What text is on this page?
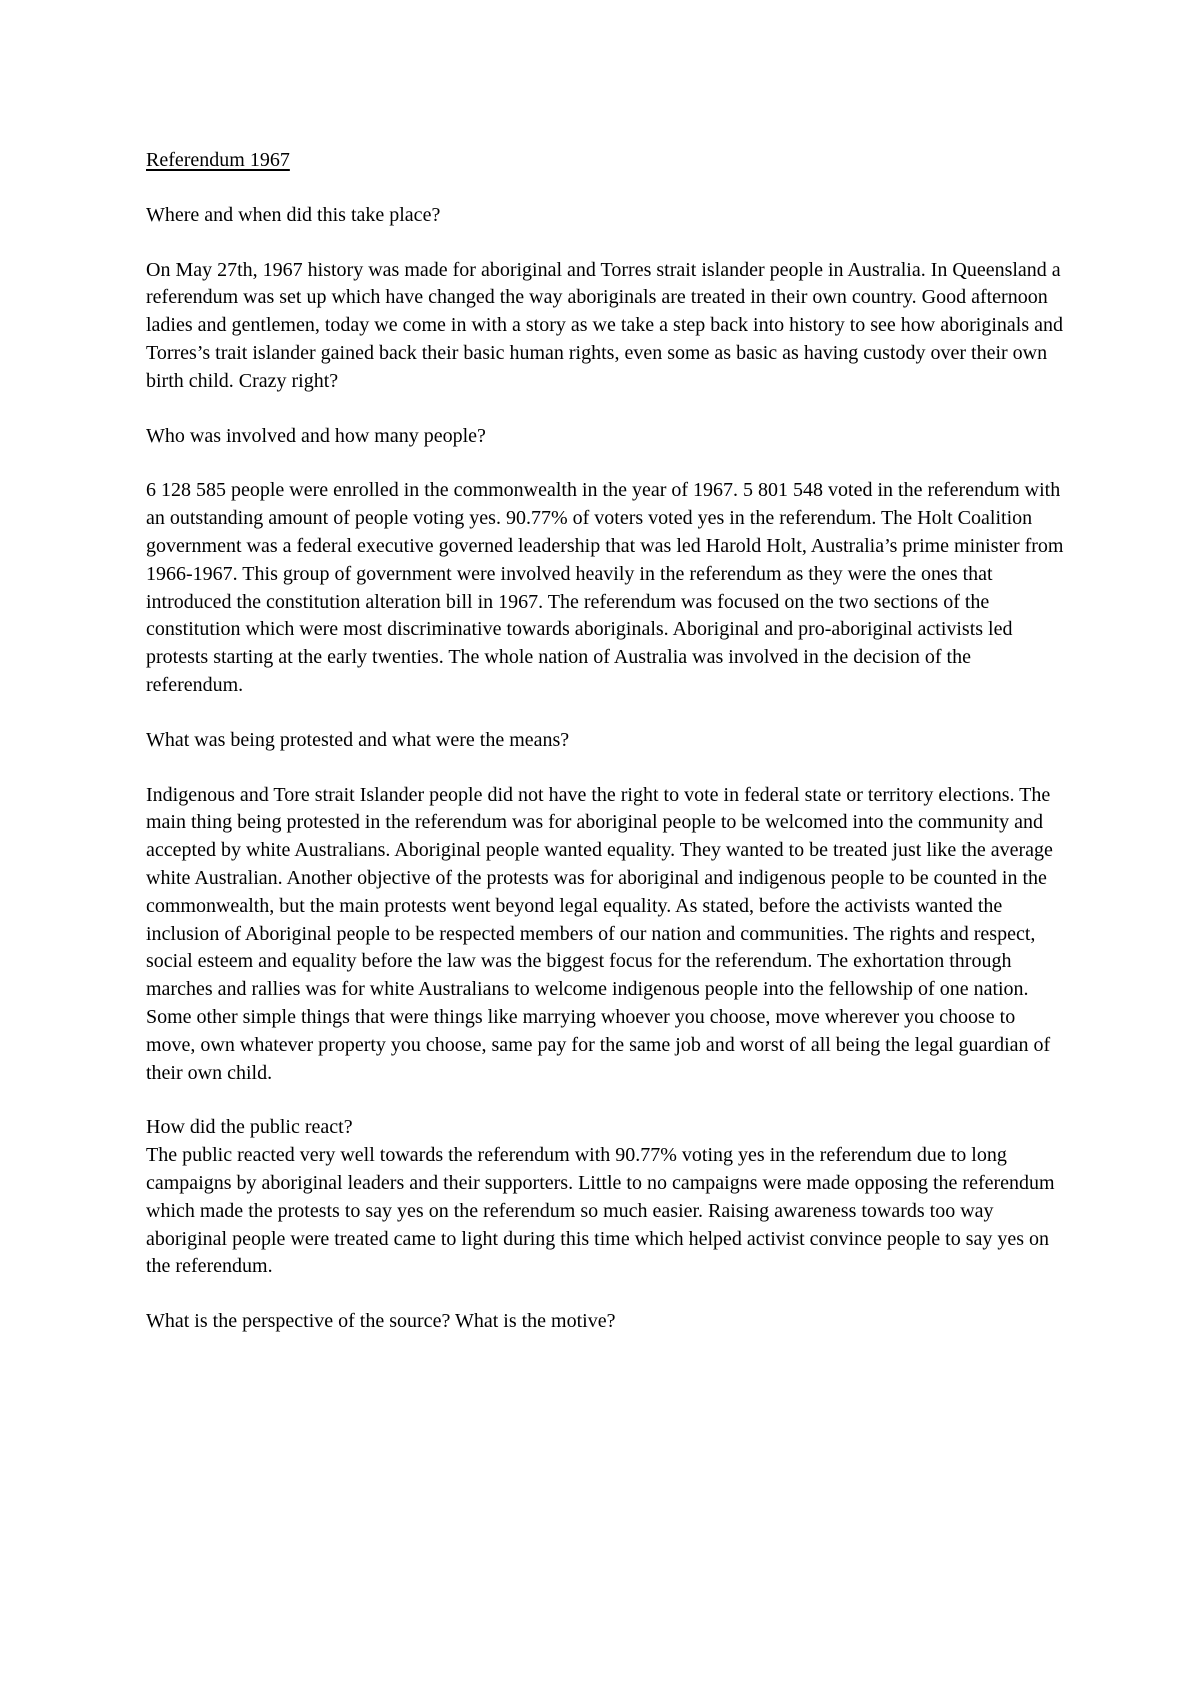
Referendum 1967

Where and when did this take place?

On May 27th, 1967 history was made for aboriginal and Torres strait islander people in Australia. In Queensland a referendum was set up which have changed the way aboriginals are treated in their own country. Good afternoon ladies and gentlemen, today we come in with a story as we take a step back into history to see how aboriginals and Torres’s trait islander gained back their basic human rights, even some as basic as having custody over their own birth child. Crazy right?

Who was involved and how many people?

6 128 585 people were enrolled in the commonwealth in the year of 1967. 5 801 548 voted in the referendum with an outstanding amount of people voting yes. 90.77% of voters voted yes in the referendum. The Holt Coalition government was a federal executive governed leadership that was led Harold Holt, Australia’s prime minister from 1966-1967. This group of government were involved heavily in the referendum as they were the ones that introduced the constitution alteration bill in 1967. The referendum was focused on the two sections of the constitution which were most discriminative towards aboriginals. Aboriginal and pro-aboriginal activists led protests starting at the early twenties. The whole nation of Australia was involved in the decision of the referendum.

What was being protested and what were the means?

Indigenous and Tore strait Islander people did not have the right to vote in federal state or territory elections. The main thing being protested in the referendum was for aboriginal people to be welcomed into the community and accepted by white Australians. Aboriginal people wanted equality. They wanted to be treated just like the average white Australian. Another objective of the protests was for aboriginal and indigenous people to be counted in the commonwealth, but the main protests went beyond legal equality. As stated, before the activists wanted the inclusion of Aboriginal people to be respected members of our nation and communities. The rights and respect, social esteem and equality before the law was the biggest focus for the referendum. The exhortation through marches and rallies was for white Australians to welcome indigenous people into the fellowship of one nation. Some other simple things that were things like marrying whoever you choose, move wherever you choose to move, own whatever property you choose, same pay for the same job and worst of all being the legal guardian of their own child.

How did the public react?

The public reacted very well towards the referendum with 90.77% voting yes in the referendum due to long campaigns by aboriginal leaders and their supporters. Little to no campaigns were made opposing the referendum which made the protests to say yes on the referendum so much easier. Raising awareness towards too way aboriginal people were treated came to light during this time which helped activist convince people to say yes on the referendum.

What is the perspective of the source? What is the motive?
